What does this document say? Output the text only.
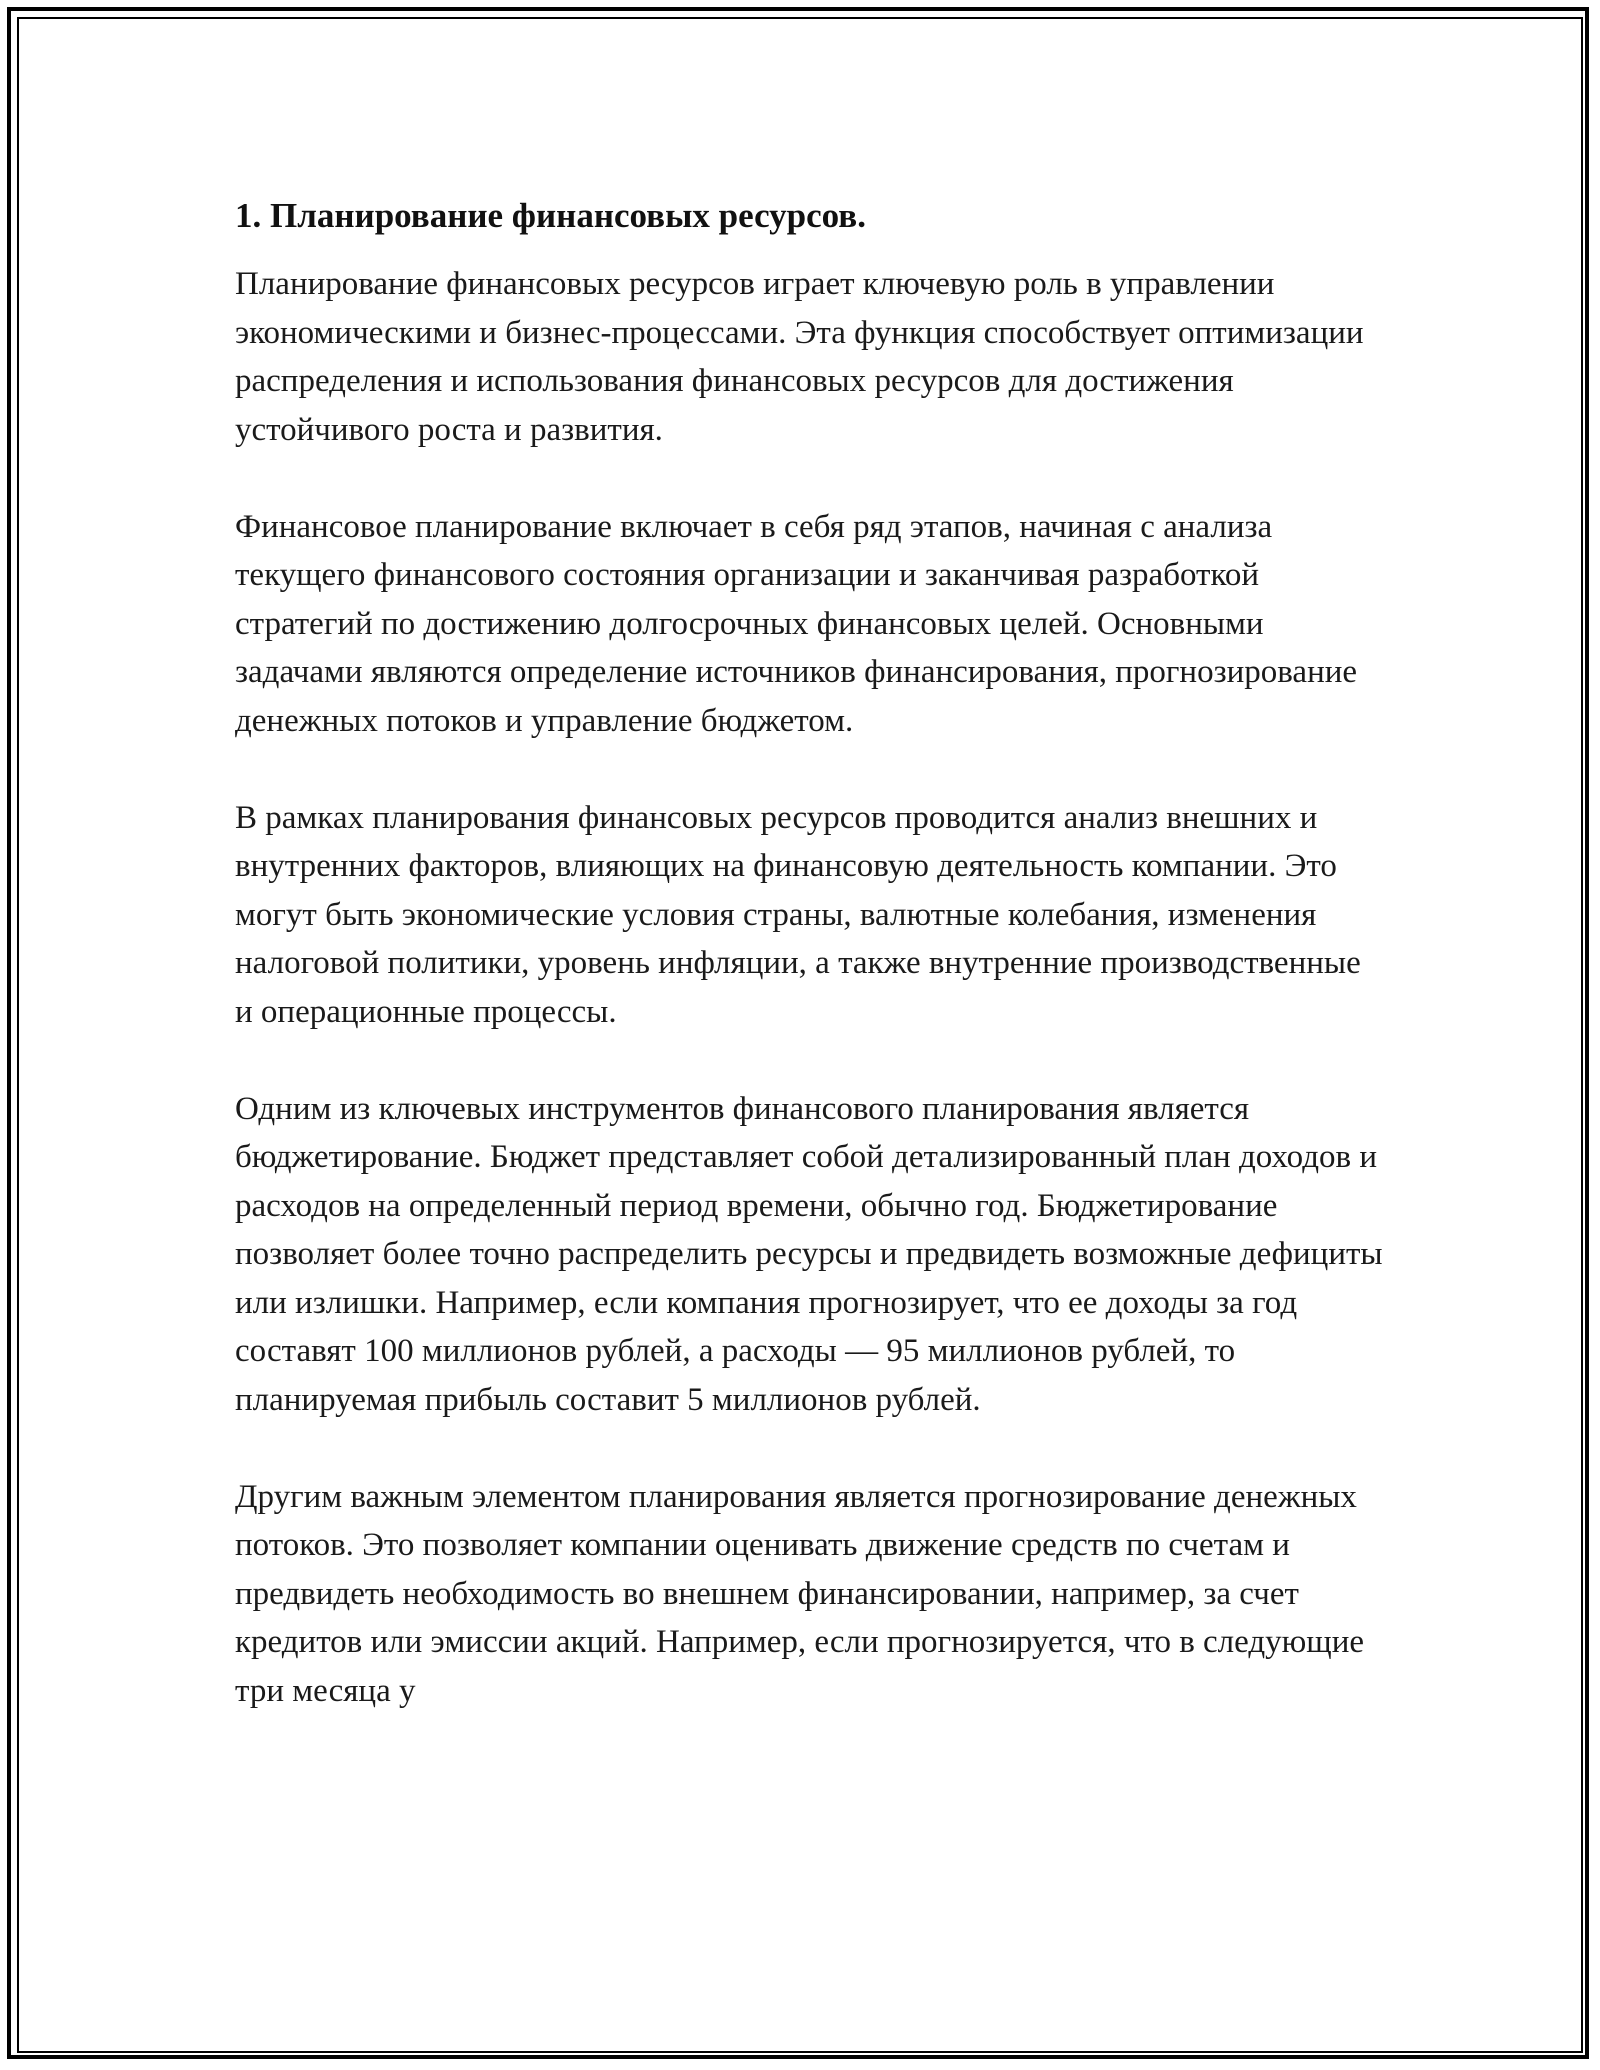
1. Планирование финансовых ресурсов.

Планирование финансовых ресурсов играет ключевую роль в управлении экономическими и бизнес-процессами. Эта функция способствует оптимизации распределения и использования финансовых ресурсов для достижения устойчивого роста и развития.

Финансовое планирование включает в себя ряд этапов, начиная с анализа текущего финансового состояния организации и заканчивая разработкой стратегий по достижению долгосрочных финансовых целей. Основными задачами являются определение источников финансирования, прогнозирование денежных потоков и управление бюджетом.

В рамках планирования финансовых ресурсов проводится анализ внешних и внутренних факторов, влияющих на финансовую деятельность компании. Это могут быть экономические условия страны, валютные колебания, изменения налоговой политики, уровень инфляции, а также внутренние производственные и операционные процессы.

Одним из ключевых инструментов финансового планирования является бюджетирование. Бюджет представляет собой детализированный план доходов и расходов на определенный период времени, обычно год. Бюджетирование позволяет более точно распределить ресурсы и предвидеть возможные дефициты или излишки. Например, если компания прогнозирует, что ее доходы за год составят 100 миллионов рублей, а расходы — 95 миллионов рублей, то планируемая прибыль составит 5 миллионов рублей.

Другим важным элементом планирования является прогнозирование денежных потоков. Это позволяет компании оценивать движение средств по счетам и предвидеть необходимость во внешнем финансировании, например, за счет кредитов или эмиссии акций. Например, если прогнозируется, что в следующие три месяца у
